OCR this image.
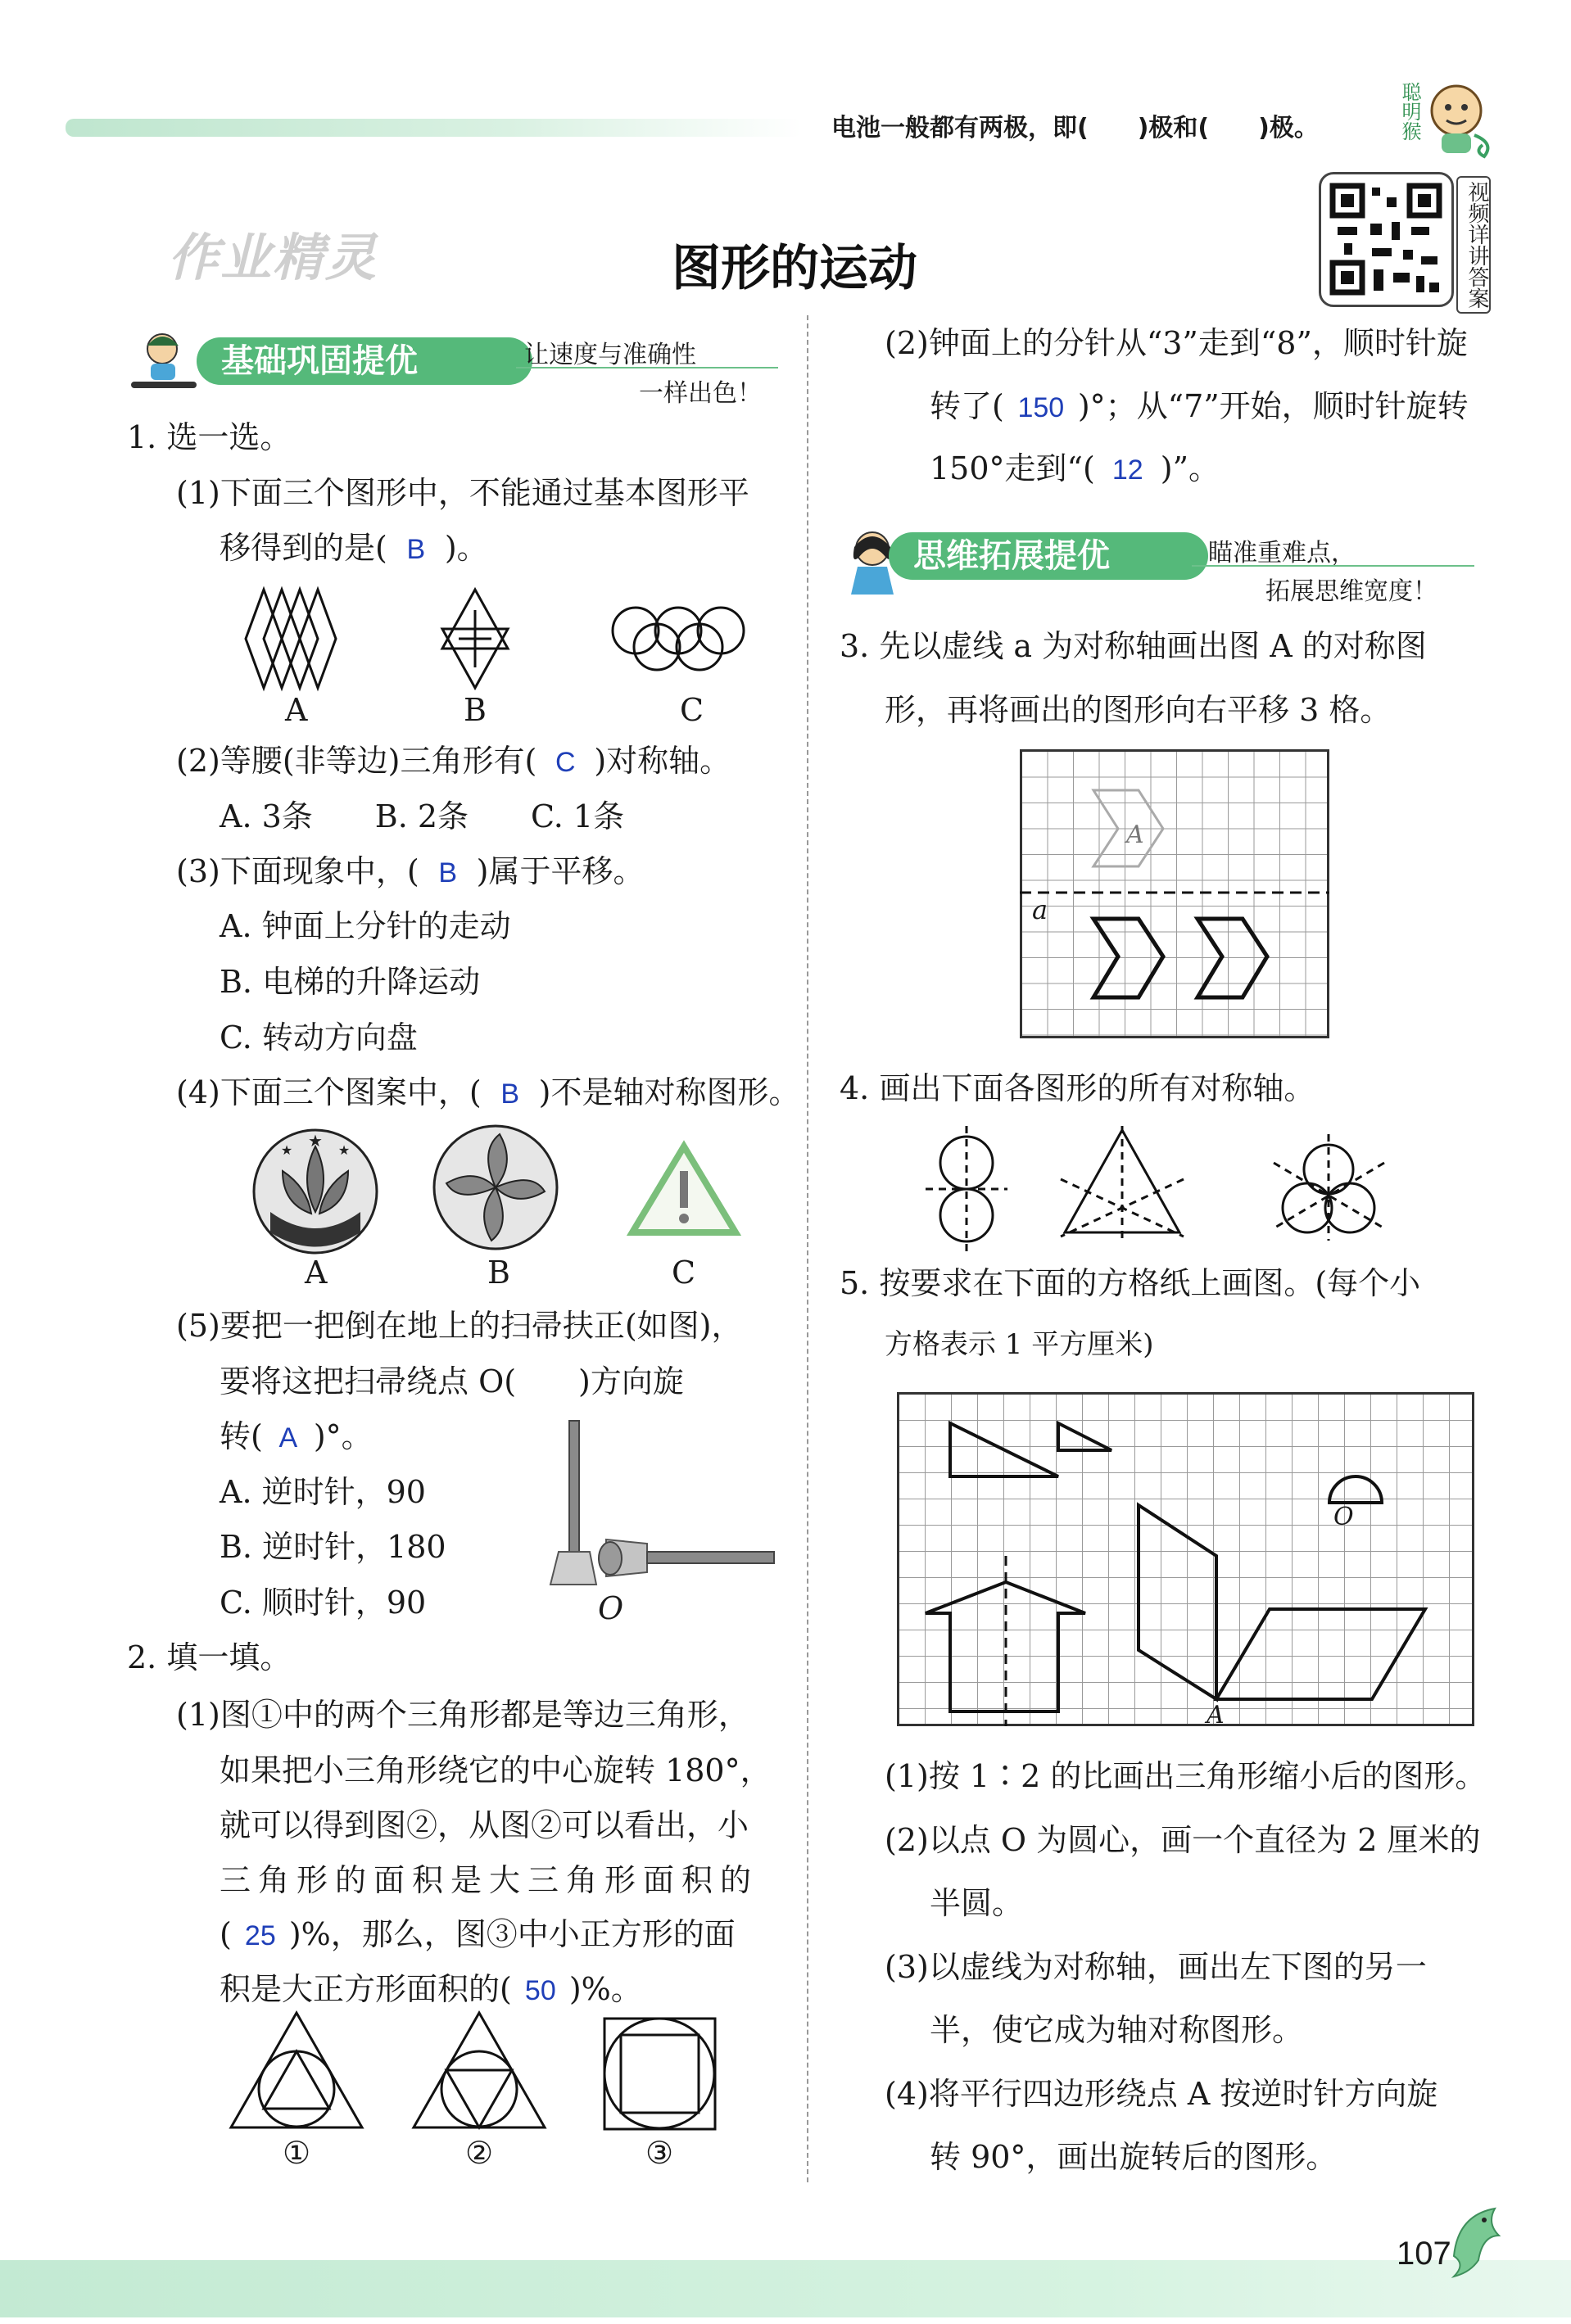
电池一般都有两极，即(　　)极和(　　)极。	聪明猴
视频详讲答案
作业精灵	图形的运动
基础巩固提优	让速度与准确性
一样出色！
1. 选一选。
(1)下面三个图形中，不能通过基本图形平
移得到的是( B )。
A	B	C
(2)等腰(非等边)三角形有( C )对称轴。
A. 3条　　B. 2条　　C. 1条
(3)下面现象中，( B )属于平移。
A. 钟面上分针的走动
B. 电梯的升降运动
C. 转动方向盘
(4)下面三个图案中，( B )不是轴对称图形。
★
★	★
A	B	C
(5)要把一把倒在地上的扫帚扶正(如图)，
要将这把扫帚绕点 O(　　)方向旋
转( A )°。
A. 逆时针，90
B. 逆时针，180
C. 顺时针，90	O
2. 填一填。
(1)图①中的两个三角形都是等边三角形，
如果把小三角形绕它的中心旋转 180°，
就可以得到图②，从图②可以看出，小
三角形的面积是大三角形面积的
( 25 )%，那么，图③中小正方形的面
积是大正方形面积的( 50 )%。
①	②	③
(2)钟面上的分针从“3”走到“8”，顺时针旋
转了( 150 )°；从“7”开始，顺时针旋转
150°走到“( 12 )”。
思维拓展提优	瞄准重难点，
拓展思维宽度！
3. 先以虚线 a 为对称轴画出图 A 的对称图
形，再将画出的图形向右平移 3 格。
A
a
4. 画出下面各图形的所有对称轴。
5. 按要求在下面的方格纸上画图。(每个小
方格表示 1 平方厘米)
O
A
(1)按 1∶2 的比画出三角形缩小后的图形。
(2)以点 O 为圆心，画一个直径为 2 厘米的
半圆。
(3)以虚线为对称轴，画出左下图的另一
半，使它成为轴对称图形。
(4)将平行四边形绕点 A 按逆时针方向旋
转 90°，画出旋转后的图形。
107
